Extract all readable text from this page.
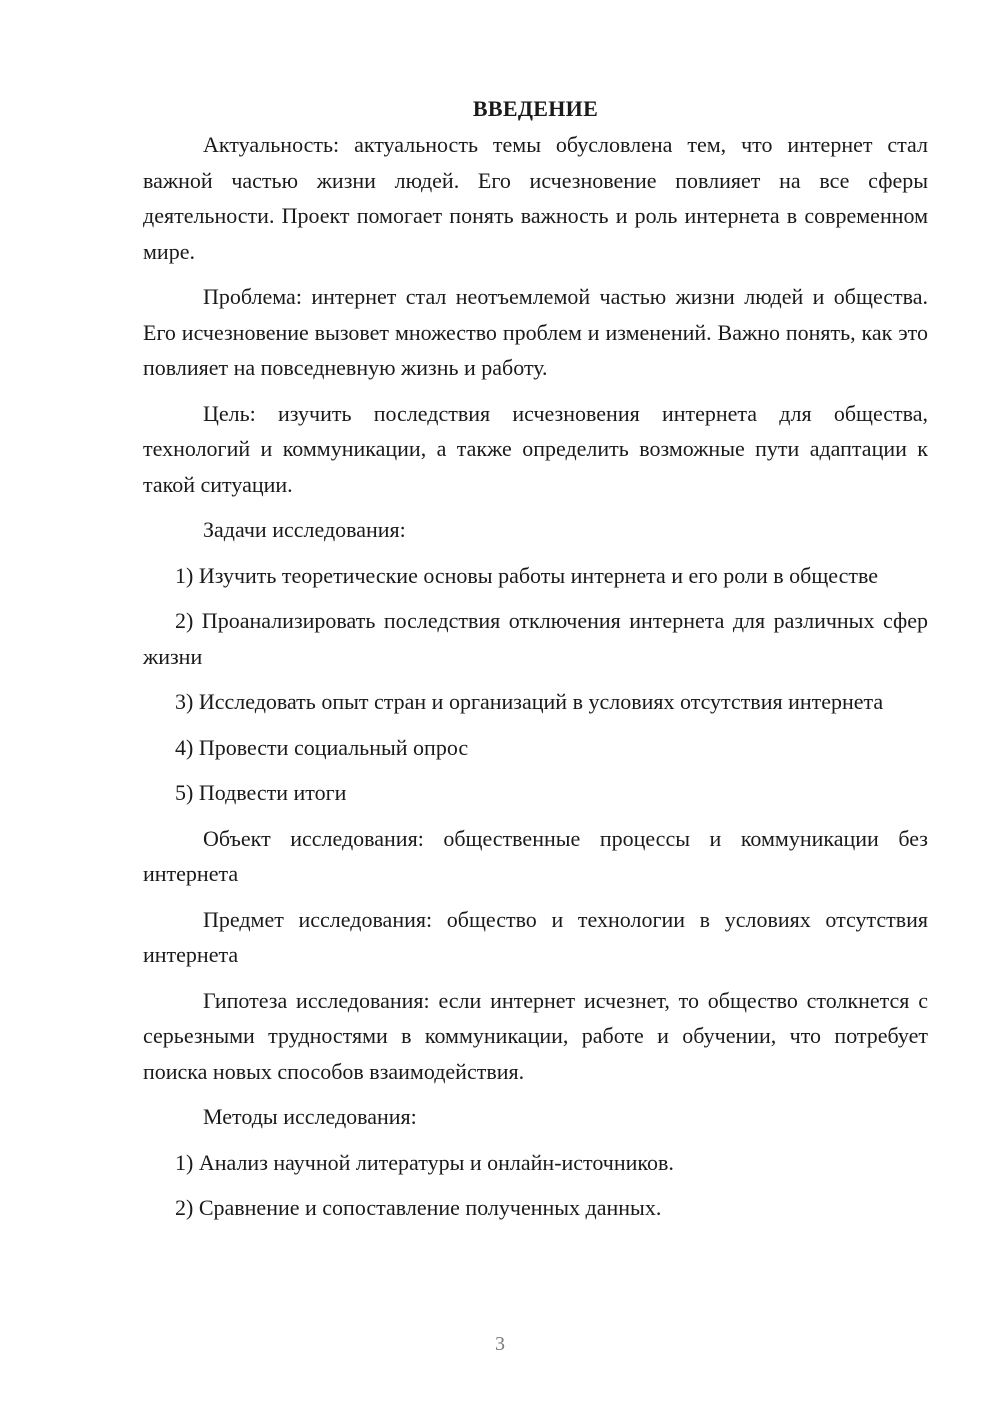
ВВЕДЕНИЕ

Актуальность: актуальность темы обусловлена тем, что интернет стал важной частью жизни людей. Его исчезновение повлияет на все сферы деятельности. Проект помогает понять важность и роль интернета в современном мире.

Проблема: интернет стал неотъемлемой частью жизни людей и общества. Его исчезновение вызовет множество проблем и изменений. Важно понять, как это повлияет на повседневную жизнь и работу.

Цель: изучить последствия исчезновения интернета для общества, технологий и коммуникации, а также определить возможные пути адаптации к такой ситуации.

Задачи исследования:

1) Изучить теоретические основы работы интернета и его роли в обществе

2) Проанализировать последствия отключения интернета для различных сфер жизни

3) Исследовать опыт стран и организаций в условиях отсутствия интернета

4) Провести социальный опрос

5) Подвести итоги

Объект исследования: общественные процессы и коммуникации без интернета

Предмет исследования: общество и технологии в условиях отсутствия интернета

Гипотеза исследования: если интернет исчезнет, то общество столкнется с серьезными трудностями в коммуникации, работе и обучении, что потребует поиска новых способов взаимодействия.

Методы исследования:

1) Анализ научной литературы и онлайн-источников.

2) Сравнение и сопоставление полученных данных.

3
